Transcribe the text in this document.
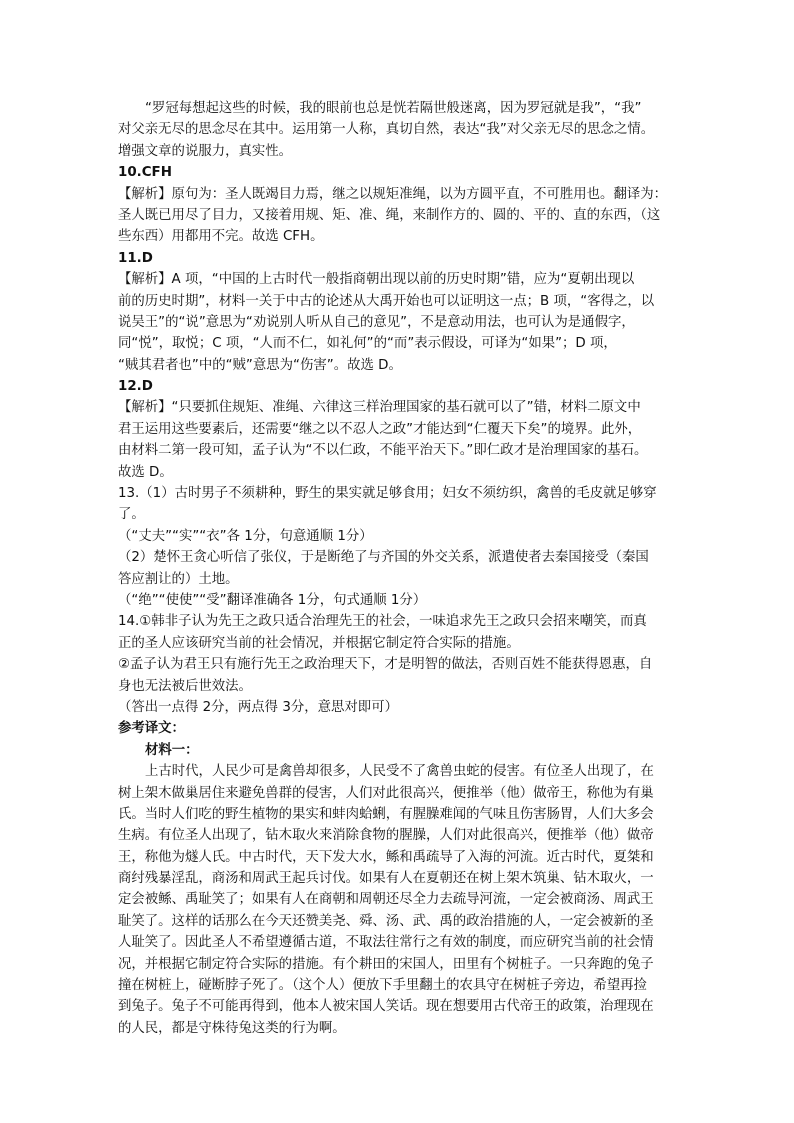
“罗冠每想起这些的时候，我的眼前也总是恍若隔世般迷离，因为罗冠就是我”，“我”
对父亲无尽的思念尽在其中。运用第一人称，真切自然，表达“我”对父亲无尽的思念之情。
增强文章的说服力，真实性。
10.CFH
【解析】原句为：圣人既竭目力焉，继之以规矩准绳，以为方圆平直，不可胜用也。翻译为：
圣人既已用尽了目力，又接着用规、矩、准、绳，来制作方的、圆的、平的、直的东西，（这
些东西）用都用不完。故选 CFH。
11.D
【解析】A 项，“中国的上古时代一般指商朝出现以前的历史时期”错，应为“夏朝出现以
前的历史时期”，材料一关于中古的论述从大禹开始也可以证明这一点；B 项，“客得之，以
说吴王”的“说”意思为“劝说别人听从自己的意见”，不是意动用法，也可认为是通假字，
同“悦”，取悦；C 项，“人而不仁，如礼何”的“而”表示假设，可译为“如果”；D 项，
“贼其君者也”中的“贼”意思为“伤害”。故选 D。
12.D
【解析】“只要抓住规矩、准绳、六律这三样治理国家的基石就可以了”错，材料二原文中
君王运用这些要素后，还需要“继之以不忍人之政”才能达到“仁覆天下矣”的境界。此外，
由材料二第一段可知，孟子认为“不以仁政，不能平治天下。”即仁政才是治理国家的基石。
故选 D。
13.（1）古时男子不须耕种，野生的果实就足够食用；妇女不须纺织，禽兽的毛皮就足够穿
了。
（“丈夫”“实”“衣”各 1分，句意通顺 1分）
（2）楚怀王贪心听信了张仪，于是断绝了与齐国的外交关系，派遣使者去秦国接受（秦国
答应割让的）土地。
（“绝”“使使”“受”翻译准确各 1分，句式通顺 1分）
14.①韩非子认为先王之政只适合治理先王的社会，一味追求先王之政只会招来嘲笑，而真
正的圣人应该研究当前的社会情况，并根据它制定符合实际的措施。
②孟子认为君王只有施行先王之政治理天下，才是明智的做法，否则百姓不能获得恩惠，自
身也无法被后世效法。
（答出一点得 2分，两点得 3分，意思对即可）
参考译文：
材料一：
上古时代，人民少可是禽兽却很多，人民受不了禽兽虫蛇的侵害。有位圣人出现了，在
树上架木做巢居住来避免兽群的侵害，人们对此很高兴，便推举（他）做帝王，称他为有巢
氏。当时人们吃的野生植物的果实和蚌肉蛤蜊，有腥臊难闻的气味且伤害肠胃，人们大多会
生病。有位圣人出现了，钻木取火来消除食物的腥臊，人们对此很高兴，便推举（他）做帝
王，称他为燧人氏。中古时代，天下发大水，鲧和禹疏导了入海的河流。近古时代，夏桀和
商纣残暴淫乱，商汤和周武王起兵讨伐。如果有人在夏朝还在树上架木筑巢、钻木取火，一
定会被鲧、禹耻笑了；如果有人在商朝和周朝还尽全力去疏导河流，一定会被商汤、周武王
耻笑了。这样的话那么在今天还赞美尧、舜、汤、武、禹的政治措施的人，一定会被新的圣
人耻笑了。因此圣人不希望遵循古道，不取法往常行之有效的制度，而应研究当前的社会情
况，并根据它制定符合实际的措施。有个耕田的宋国人，田里有个树桩子。一只奔跑的兔子
撞在树桩上，碰断脖子死了。（这个人）便放下手里翻土的农具守在树桩子旁边，希望再捡
到兔子。兔子不可能再得到，他本人被宋国人笑话。现在想要用古代帝王的政策，治理现在
的人民，都是守株待兔这类的行为啊。
